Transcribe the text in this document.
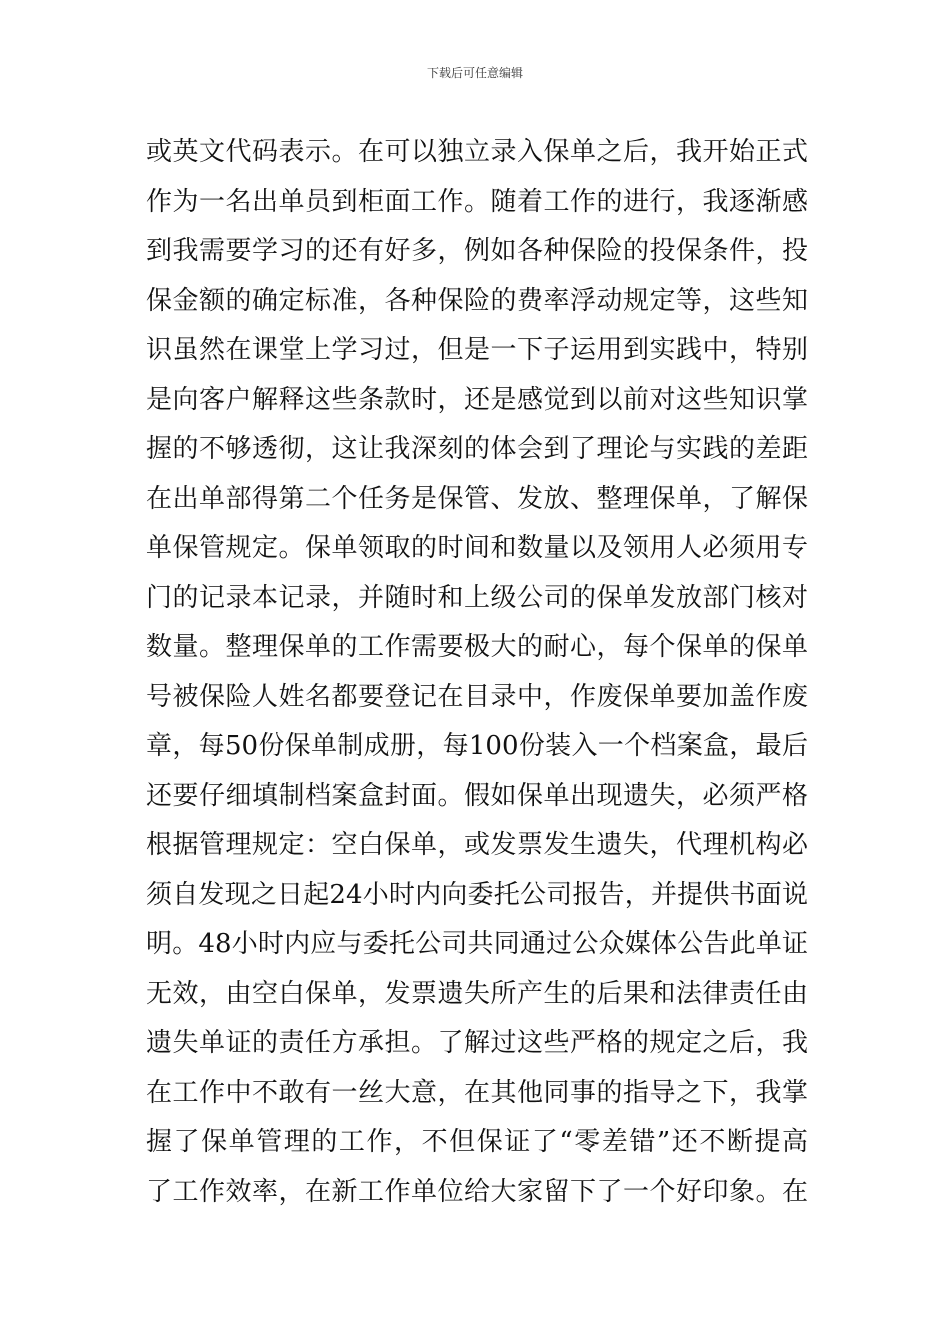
下载后可任意编辑
或英文代码表示。在可以独立录入保单之后，我开始正式
作为一名出单员到柜面工作。随着工作的进行，我逐渐感
到我需要学习的还有好多，例如各种保险的投保条件，投
保金额的确定标准，各种保险的费率浮动规定等，这些知
识虽然在课堂上学习过，但是一下子运用到实践中，特别
是向客户解释这些条款时，还是感觉到以前对这些知识掌
握的不够透彻，这让我深刻的体会到了理论与实践的差距
在出单部得第二个任务是保管、发放、整理保单，了解保
单保管规定。保单领取的时间和数量以及领用人必须用专
门的记录本记录，并随时和上级公司的保单发放部门核对
数量。整理保单的工作需要极大的耐心，每个保单的保单
号被保险人姓名都要登记在目录中，作废保单要加盖作废
章，每50份保单制成册，每100份装入一个档案盒，最后
还要仔细填制档案盒封面。假如保单出现遗失，必须严格
根据管理规定：空白保单，或发票发生遗失，代理机构必
须自发现之日起24小时内向委托公司报告，并提供书面说
明。48小时内应与委托公司共同通过公众媒体公告此单证
无效，由空白保单，发票遗失所产生的后果和法律责任由
遗失单证的责任方承担。了解过这些严格的规定之后，我
在工作中不敢有一丝大意，在其他同事的指导之下，我掌
握了保单管理的工作，不但保证了“零差错”还不断提高
了工作效率，在新工作单位给大家留下了一个好印象。在
